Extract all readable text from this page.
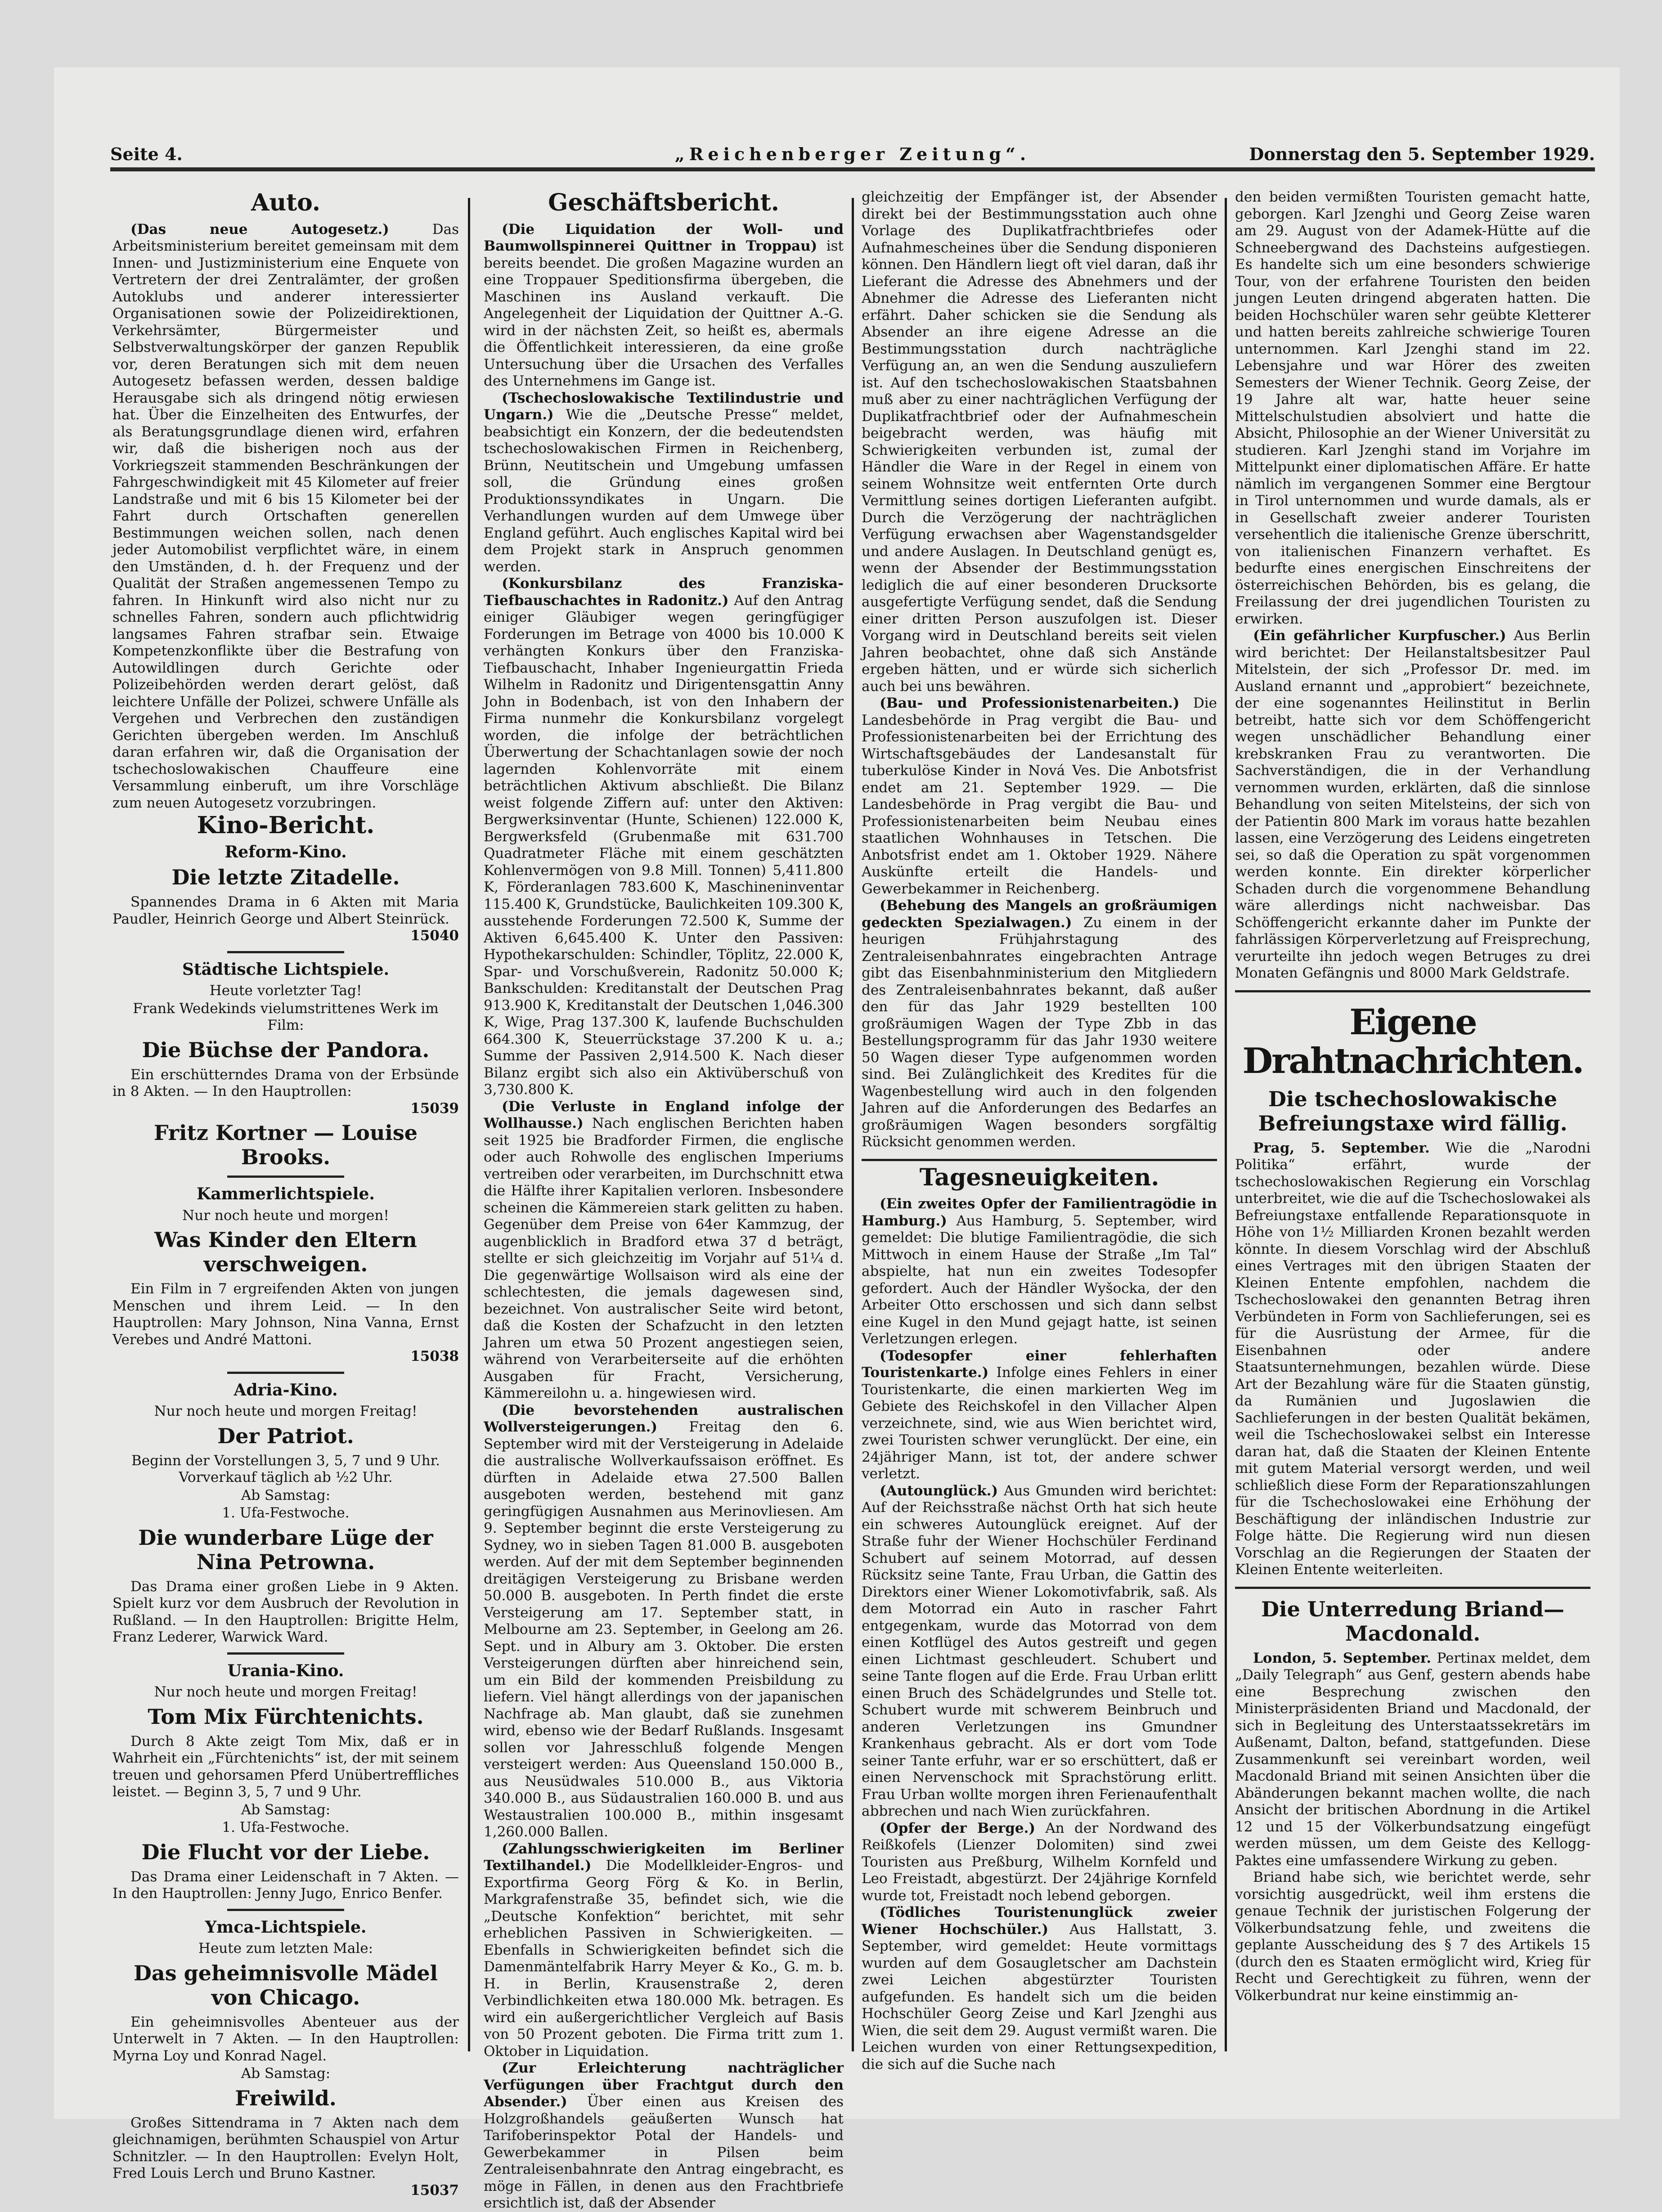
Seite 4.	„Reichenberger Zeitung“.	Donnerstag den 5. September 1929.
Auto.

(Das neue Autogesetz.) Das Arbeitsministerium bereitet gemeinsam mit dem Innen- und Justizministerium eine Enquete von Vertretern der drei Zentralämter, der großen Autoklubs und anderer interessierter Organisationen sowie der Polizeidirektionen, Verkehrsämter, Bürgermeister und Selbstverwaltungskörper der ganzen Republik vor, deren Beratungen sich mit dem neuen Autogesetz befassen werden, dessen baldige Herausgabe sich als dringend nötig erwiesen hat. Über die Einzelheiten des Entwurfes, der als Beratungsgrundlage dienen wird, erfahren wir, daß die bisherigen noch aus der Vorkriegszeit stammenden Beschränkungen der Fahrgeschwindigkeit mit 45 Kilometer auf freier Landstraße und mit 6 bis 15 Kilometer bei der Fahrt durch Ortschaften generellen Bestimmungen weichen sollen, nach denen jeder Automobilist verpflichtet wäre, in einem den Umständen, d. h. der Frequenz und der Qualität der Straßen angemessenen Tempo zu fahren. In Hinkunft wird also nicht nur zu schnelles Fahren, sondern auch pflichtwidrig langsames Fahren strafbar sein. Etwaige Kompetenzkonflikte über die Bestrafung von Autowildlingen durch Gerichte oder Polizeibehörden werden derart gelöst, daß leichtere Unfälle der Polizei, schwere Unfälle als Vergehen und Verbrechen den zuständigen Gerichten übergeben werden. Im Anschluß daran erfahren wir, daß die Organisation der tschechoslowakischen Chauffeure eine Versammlung einberuft, um ihre Vorschläge zum neuen Autogesetz vorzubringen.

Kino-Bericht.
Reform-Kino.
Die letzte Zitadelle.

Spannendes Drama in 6 Akten mit Maria Paudler, Heinrich George und Albert Steinrück.

15040
Städtische Lichtspiele.
Heute vorletzter Tag!
Frank Wedekinds vielumstrittenes Werk im Film:
Die Büchse der Pandora.

Ein erschütterndes Drama von der Erbsünde in 8 Akten. — In den Hauptrollen:

15039
Fritz Kortner — Louise Brooks.
Kammerlichtspiele.
Nur noch heute und morgen!
Was Kinder den Eltern verschweigen.

Ein Film in 7 ergreifenden Akten von jungen Menschen und ihrem Leid. — In den Hauptrollen: Mary Johnson, Nina Vanna, Ernst Verebes und André Mattoni.

15038
Adria-Kino.
Nur noch heute und morgen Freitag!
Der Patriot.
Beginn der Vorstellungen 3, 5, 7 und 9 Uhr. Vorverkauf täglich ab ½2 Uhr.
Ab Samstag:
1. Ufa-Festwoche.
Die wunderbare Lüge der Nina Petrowna.

Das Drama einer großen Liebe in 9 Akten. Spielt kurz vor dem Ausbruch der Revolution in Rußland. — In den Hauptrollen: Brigitte Helm, Franz Lederer, Warwick Ward.

Urania-Kino.
Nur noch heute und morgen Freitag!
Tom Mix Fürchtenichts.

Durch 8 Akte zeigt Tom Mix, daß er in Wahrheit ein „Fürchtenichts“ ist, der mit seinem treuen und gehorsamen Pferd Unübertreffliches leistet. — Beginn 3, 5, 7 und 9 Uhr.

Ab Samstag:
1. Ufa-Festwoche.
Die Flucht vor der Liebe.

Das Drama einer Leidenschaft in 7 Akten. — In den Hauptrollen: Jenny Jugo, Enrico Benfer.

Ymca-Lichtspiele.
Heute zum letzten Male:
Das geheimnisvolle Mädel von Chicago.

Ein geheimnisvolles Abenteuer aus der Unterwelt in 7 Akten. — In den Hauptrollen: Myrna Loy und Konrad Nagel.

Ab Samstag:
Freiwild.

Großes Sittendrama in 7 Akten nach dem gleichnamigen, berühmten Schauspiel von Artur Schnitzler. — In den Hauptrollen: Evelyn Holt, Fred Louis Lerch und Bruno Kastner.

15037
Geschäftsbericht.

(Die Liquidation der Woll- und Baumwollspinnerei Quittner in Troppau) ist bereits beendet. Die großen Magazine wurden an eine Troppauer Speditionsfirma übergeben, die Maschinen ins Ausland verkauft. Die Angelegenheit der Liquidation der Quittner A.-G. wird in der nächsten Zeit, so heißt es, abermals die Öffentlichkeit interessieren, da eine große Untersuchung über die Ursachen des Verfalles des Unternehmens im Gange ist.

(Tschechoslowakische Textilindustrie und Ungarn.) Wie die „Deutsche Presse“ meldet, beabsichtigt ein Konzern, der die bedeutendsten tschechoslowakischen Firmen in Reichenberg, Brünn, Neutitschein und Umgebung umfassen soll, die Gründung eines großen Produktionssyndikates in Ungarn. Die Verhandlungen wurden auf dem Umwege über England geführt. Auch englisches Kapital wird bei dem Projekt stark in Anspruch genommen werden.

(Konkursbilanz des Franziska-Tiefbauschachtes in Radonitz.) Auf den Antrag einiger Gläubiger wegen geringfügiger Forderungen im Betrage von 4000 bis 10.000 K verhängten Konkurs über den Franziska-Tiefbauschacht, Inhaber Ingenieurgattin Frieda Wilhelm in Radonitz und Dirigentensgattin Anny John in Bodenbach, ist von den Inhabern der Firma nunmehr die Konkursbilanz vorgelegt worden, die infolge der beträchtlichen Überwertung der Schachtanlagen sowie der noch lagernden Kohlenvorräte mit einem beträchtlichen Aktivum abschließt. Die Bilanz weist folgende Ziffern auf: unter den Aktiven: Bergwerksinventar (Hunte, Schienen) 122.000 K, Bergwerksfeld (Grubenmaße mit 631.700 Quadratmeter Fläche mit einem geschätzten Kohlenvermögen von 9.8 Mill. Tonnen) 5,411.800 K, Förderanlagen 783.600 K, Maschineninventar 115.400 K, Grundstücke, Baulichkeiten 109.300 K, ausstehende Forderungen 72.500 K, Summe der Aktiven 6,645.400 K. Unter den Passiven: Hypothekarschulden: Schindler, Töplitz, 22.000 K, Spar- und Vorschußverein, Radonitz 50.000 K; Bankschulden: Kreditanstalt der Deutschen Prag 913.900 K, Kreditanstalt der Deutschen 1,046.300 K, Wige, Prag 137.300 K, laufende Buchschulden 664.300 K, Steuerrückstage 37.200 K u. a.; Summe der Passiven 2,914.500 K. Nach dieser Bilanz ergibt sich also ein Aktivüberschuß von 3,730.800 K.

(Die Verluste in England infolge der Wollhausse.) Nach englischen Berichten haben seit 1925 bie Bradforder Firmen, die englische oder auch Rohwolle des englischen Imperiums vertreiben oder verarbeiten, im Durchschnitt etwa die Hälfte ihrer Kapitalien verloren. Insbesondere scheinen die Kämmereien stark gelitten zu haben. Gegenüber dem Preise von 64er Kammzug, der augenblicklich in Bradford etwa 37 d beträgt, stellte er sich gleichzeitig im Vorjahr auf 51¼ d. Die gegenwärtige Wollsaison wird als eine der schlechtesten, die jemals dagewesen sind, bezeichnet. Von australischer Seite wird betont, daß die Kosten der Schafzucht in den letzten Jahren um etwa 50 Prozent angestiegen seien, während von Verarbeiterseite auf die erhöhten Ausgaben für Fracht, Versicherung, Kämmereilohn u. a. hingewiesen wird.

(Die bevorstehenden australischen Wollversteigerungen.) Freitag den 6. September wird mit der Versteigerung in Adelaide die australische Wollverkaufssaison eröffnet. Es dürften in Adelaide etwa 27.500 Ballen ausgeboten werden, bestehend mit ganz geringfügigen Ausnahmen aus Merinovliesen. Am 9. September beginnt die erste Versteigerung zu Sydney, wo in sieben Tagen 81.000 B. ausgeboten werden. Auf der mit dem September beginnenden dreitägigen Versteigerung zu Brisbane werden 50.000 B. ausgeboten. In Perth findet die erste Versteigerung am 17. September statt, in Melbourne am 23. September, in Geelong am 26. Sept. und in Albury am 3. Oktober. Die ersten Versteigerungen dürften aber hinreichend sein, um ein Bild der kommenden Preisbildung zu liefern. Viel hängt allerdings von der japanischen Nachfrage ab. Man glaubt, daß sie zunehmen wird, ebenso wie der Bedarf Rußlands. Insgesamt sollen vor Jahresschluß folgende Mengen versteigert werden: Aus Queensland 150.000 B., aus Neusüdwales 510.000 B., aus Viktoria 340.000 B., aus Südaustralien 160.000 B. und aus Westaustralien 100.000 B., mithin insgesamt 1,260.000 Ballen.

(Zahlungsschwierigkeiten im Berliner Textilhandel.) Die Modellkleider-Engros- und Exportfirma Georg Förg & Ko. in Berlin, Markgrafenstraße 35, befindet sich, wie die „Deutsche Konfektion“ berichtet, mit sehr erheblichen Passiven in Schwierigkeiten. — Ebenfalls in Schwierigkeiten befindet sich die Damenmäntelfabrik Harry Meyer & Ko., G. m. b. H. in Berlin, Krausenstraße 2, deren Verbindlichkeiten etwa 180.000 Mk. betragen. Es wird ein außergerichtlicher Vergleich auf Basis von 50 Prozent geboten. Die Firma tritt zum 1. Oktober in Liquidation.

(Zur Erleichterung nachträglicher Verfügungen über Frachtgut durch den Absender.) Über einen aus Kreisen des Holzgroßhandels geäußerten Wunsch hat Tarifoberinspektor Potal der Handels- und Gewerbekammer in Pilsen beim Zentraleisenbahnrate den Antrag eingebracht, es möge in Fällen, in denen aus den Frachtbriefe ersichtlich ist, daß der Absender

gleichzeitig der Empfänger ist, der Absender direkt bei der Bestimmungsstation auch ohne Vorlage des Duplikatfrachtbriefes oder Aufnahmescheines über die Sendung disponieren können. Den Händlern liegt oft viel daran, daß ihr Lieferant die Adresse des Abnehmers und der Abnehmer die Adresse des Lieferanten nicht erfährt. Daher schicken sie die Sendung als Absender an ihre eigene Adresse an die Bestimmungsstation durch nachträgliche Verfügung an, an wen die Sendung auszuliefern ist. Auf den tschechoslowakischen Staatsbahnen muß aber zu einer nachträglichen Verfügung der Duplikatfrachtbrief oder der Aufnahmeschein beigebracht werden, was häufig mit Schwierigkeiten verbunden ist, zumal der Händler die Ware in der Regel in einem von seinem Wohnsitze weit entfernten Orte durch Vermittlung seines dortigen Lieferanten aufgibt. Durch die Verzögerung der nachträglichen Verfügung erwachsen aber Wagenstandsgelder und andere Auslagen. In Deutschland genügt es, wenn der Absender der Bestimmungsstation lediglich die auf einer besonderen Drucksorte ausgefertigte Verfügung sendet, daß die Sendung einer dritten Person auszufolgen ist. Dieser Vorgang wird in Deutschland bereits seit vielen Jahren beobachtet, ohne daß sich Anstände ergeben hätten, und er würde sich sicherlich auch bei uns bewähren.

(Bau- und Professionistenarbeiten.) Die Landesbehörde in Prag vergibt die Bau- und Professionistenarbeiten bei der Errichtung des Wirtschaftsgebäudes der Landesanstalt für tuberkulöse Kinder in Nová Ves. Die Anbotsfrist endet am 21. September 1929. — Die Landesbehörde in Prag vergibt die Bau- und Professionistenarbeiten beim Neubau eines staatlichen Wohnhauses in Tetschen. Die Anbotsfrist endet am 1. Oktober 1929. Nähere Auskünfte erteilt die Handels- und Gewerbekammer in Reichenberg.

(Behebung des Mangels an großräumigen gedeckten Spezialwagen.) Zu einem in der heurigen Frühjahrstagung des Zentraleisenbahnrates eingebrachten Antrage gibt das Eisenbahnministerium den Mitgliedern des Zentraleisenbahnrates bekannt, daß außer den für das Jahr 1929 bestellten 100 großräumigen Wagen der Type Zbb in das Bestellungsprogramm für das Jahr 1930 weitere 50 Wagen dieser Type aufgenommen worden sind. Bei Zulänglichkeit des Kredites für die Wagenbestellung wird auch in den folgenden Jahren auf die Anforderungen des Bedarfes an großräumigen Wagen besonders sorgfältig Rücksicht genommen werden.

Tagesneuigkeiten.

(Ein zweites Opfer der Familientragödie in Hamburg.) Aus Hamburg, 5. September, wird gemeldet: Die blutige Familientragödie, die sich Mittwoch in einem Hause der Straße „Im Tal“ abspielte, hat nun ein zweites Todesopfer gefordert. Auch der Händler Wyšocka, der den Arbeiter Otto erschossen und sich dann selbst eine Kugel in den Mund gejagt hatte, ist seinen Verletzungen erlegen.

(Todesopfer einer fehlerhaften Touristenkarte.) Infolge eines Fehlers in einer Touristenkarte, die einen markierten Weg im Gebiete des Reichskofel in den Villacher Alpen verzeichnete, sind, wie aus Wien berichtet wird, zwei Touristen schwer verunglückt. Der eine, ein 24jähriger Mann, ist tot, der andere schwer verletzt.

(Autounglück.) Aus Gmunden wird berichtet: Auf der Reichsstraße nächst Orth hat sich heute ein schweres Autounglück ereignet. Auf der Straße fuhr der Wiener Hochschüler Ferdinand Schubert auf seinem Motorrad, auf dessen Rücksitz seine Tante, Frau Urban, die Gattin des Direktors einer Wiener Lokomotivfabrik, saß. Als dem Motorrad ein Auto in rascher Fahrt entgegenkam, wurde das Motorrad von dem einen Kotflügel des Autos gestreift und gegen einen Lichtmast geschleudert. Schubert und seine Tante flogen auf die Erde. Frau Urban erlitt einen Bruch des Schädelgrundes und Stelle tot. Schubert wurde mit schwerem Beinbruch und anderen Verletzungen ins Gmundner Krankenhaus gebracht. Als er dort vom Tode seiner Tante erfuhr, war er so erschüttert, daß er einen Nervenschock mit Sprachstörung erlitt. Frau Urban wollte morgen ihren Ferienaufenthalt abbrechen und nach Wien zurückfahren.

(Opfer der Berge.) An der Nordwand des Reißkofels (Lienzer Dolomiten) sind zwei Touristen aus Preßburg, Wilhelm Kornfeld und Leo Freistadt, abgestürzt. Der 24jährige Kornfeld wurde tot, Freistadt noch lebend geborgen.

(Tödliches Touristenunglück zweier Wiener Hochschüler.) Aus Hallstatt, 3. September, wird gemeldet: Heute vormittags wurden auf dem Gosaugletscher am Dachstein zwei Leichen abgestürzter Touristen aufgefunden. Es handelt sich um die beiden Hochschüler Georg Zeise und Karl Jzenghi aus Wien, die seit dem 29. August vermißt waren. Die Leichen wurden von einer Rettungsexpedition, die sich auf die Suche nach

den beiden vermißten Touristen gemacht hatte, geborgen. Karl Jzenghi und Georg Zeise waren am 29. August von der Adamek-Hütte auf die Schneebergwand des Dachsteins aufgestiegen. Es handelte sich um eine besonders schwierige Tour, von der erfahrene Touristen den beiden jungen Leuten dringend abgeraten hatten. Die beiden Hochschüler waren sehr geübte Kletterer und hatten bereits zahlreiche schwierige Touren unternommen. Karl Jzenghi stand im 22. Lebensjahre und war Hörer des zweiten Semesters der Wiener Technik. Georg Zeise, der 19 Jahre alt war, hatte heuer seine Mittelschulstudien absolviert und hatte die Absicht, Philosophie an der Wiener Universität zu studieren. Karl Jzenghi stand im Vorjahre im Mittelpunkt einer diplomatischen Affäre. Er hatte nämlich im vergangenen Sommer eine Bergtour in Tirol unternommen und wurde damals, als er in Gesellschaft zweier anderer Touristen versehentlich die italienische Grenze überschritt, von italienischen Finanzern verhaftet. Es bedurfte eines energischen Einschreitens der österreichischen Behörden, bis es gelang, die Freilassung der drei jugendlichen Touristen zu erwirken.

(Ein gefährlicher Kurpfuscher.) Aus Berlin wird berichtet: Der Heilanstaltsbesitzer Paul Mitelstein, der sich „Professor Dr. med. im Ausland ernannt und „approbiert“ bezeichnete, der eine sogenanntes Heilinstitut in Berlin betreibt, hatte sich vor dem Schöffengericht wegen unschädlicher Behandlung einer krebskranken Frau zu verantworten. Die Sachverständigen, die in der Verhandlung vernommen wurden, erklärten, daß die sinnlose Behandlung von seiten Mitelsteins, der sich von der Patientin 800 Mark im voraus hatte bezahlen lassen, eine Verzögerung des Leidens eingetreten sei, so daß die Operation zu spät vorgenommen werden konnte. Ein direkter körperlicher Schaden durch die vorgenommene Behandlung wäre allerdings nicht nachweisbar. Das Schöffengericht erkannte daher im Punkte der fahrlässigen Körperverletzung auf Freisprechung, verurteilte ihn jedoch wegen Betruges zu drei Monaten Gefängnis und 8000 Mark Geldstrafe.

Eigene Drahtnachrichten.
Die tschechoslowakische Befreiungstaxe wird fällig.

Prag, 5. September. Wie die „Narodni Politika“ erfährt, wurde der tschechoslowakischen Regierung ein Vorschlag unterbreitet, wie die auf die Tschechoslowakei als Befreiungstaxe entfallende Reparationsquote in Höhe von 1½ Milliarden Kronen bezahlt werden könnte. In diesem Vorschlag wird der Abschluß eines Vertrages mit den übrigen Staaten der Kleinen Entente empfohlen, nachdem die Tschechoslowakei den genannten Betrag ihren Verbündeten in Form von Sachlieferungen, sei es für die Ausrüstung der Armee, für die Eisenbahnen oder andere Staatsunternehmungen, bezahlen würde. Diese Art der Bezahlung wäre für die Staaten günstig, da Rumänien und Jugoslawien die Sachlieferungen in der besten Qualität bekämen, weil die Tschechoslowakei selbst ein Interesse daran hat, daß die Staaten der Kleinen Entente mit gutem Material versorgt werden, und weil schließlich diese Form der Reparationszahlungen für die Tschechoslowakei eine Erhöhung der Beschäftigung der inländischen Industrie zur Folge hätte. Die Regierung wird nun diesen Vorschlag an die Regierungen der Staaten der Kleinen Entente weiterleiten.

Die Unterredung Briand—Macdonald.

London, 5. September. Pertinax meldet, dem „Daily Telegraph“ aus Genf, gestern abends habe eine Besprechung zwischen den Ministerpräsidenten Briand und Macdonald, der sich in Begleitung des Unterstaatssekretärs im Außenamt, Dalton, befand, stattgefunden. Diese Zusammenkunft sei vereinbart worden, weil Macdonald Briand mit seinen Ansichten über die Abänderungen bekannt machen wollte, die nach Ansicht der britischen Abordnung in die Artikel 12 und 15 der Völkerbundsatzung eingefügt werden müssen, um dem Geiste des Kellogg-Paktes eine umfassendere Wirkung zu geben.

Briand habe sich, wie berichtet werde, sehr vorsichtig ausgedrückt, weil ihm erstens die genaue Technik der juristischen Folgerung der Völkerbundsatzung fehle, und zweitens die geplante Ausscheidung des § 7 des Artikels 15 (durch den es Staaten ermöglicht wird, Krieg für Recht und Gerechtigkeit zu führen, wenn der Völkerbundrat nur keine einstimmig an-
